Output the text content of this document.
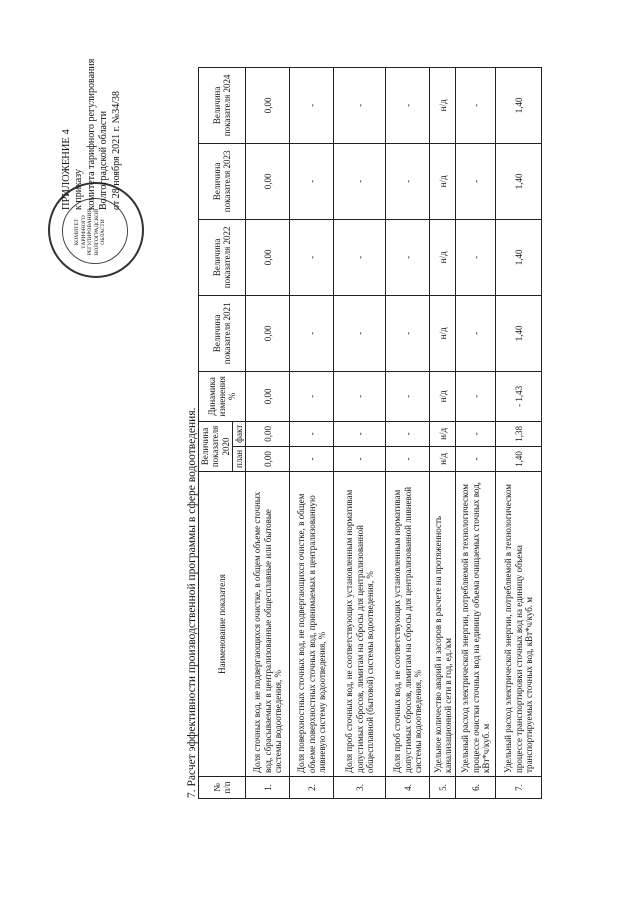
КОМИТЕТ ТАРИФНОГО РЕГУЛИРОВАНИЯ ВОЛГОГРАДСКОЙ ОБЛАСТИ
ПРИЛОЖЕНИЕ 4 к приказу комитета тарифного регулирования Волгоградской области от 28 ноября 2021 г. №34/38
7. Расчет эффективности производственной программы в сфере водоотведения. № п/п	Наименование показателя	Величина показателя 2020		Динамика изменения %	Величина показателя 2021	Величина показателя 2022	Величина показателя 2023	Величина показателя 2024
		план	факт					
1.	Доля сточных вод, не подвергающихся очистке, в общем объеме сточных вод, сбрасываемых в централизованные общесплавные или бытовые системы водоотведения, %	0,00	0,00	0,00	0,00	0,00	0,00	0,00
2.	Доля поверхностных сточных вод, не подвергающихся очистке, в общем объеме поверхностных сточных вод, принимаемых в централизованную ливневую систему водоотведения, %	-	-	-	-	-	-	-
3.	Доля проб сточных вод, не соответствующих установленным нормативам допустимых сбросов, лимитам на сбросы для централизованной общесплавной (бытовой) системы водоотведения, %	-	-	-	-	-	-	-
4.	Доля проб сточных вод, не соответствующих установленным нормативам допустимых сбросов, лимитам на сбросы для централизованной ливневой системы водоотведения, %	-	-	-	-	-	-	-
5.	Удельное количество аварий и засоров в расчете на протяженность канализационной сети в год, ед./км	н/д	н/д	н/д	н/д	н/д	н/д	н/д
6.	Удельный расход электрической энергии, потребляемой в технологическом процессе очистки сточных вод на единицу объема очищаемых сточных вод, кВт*ч/куб. м	-	-	-	-	-	-	-
7.	Удельный расход электрической энергии, потребляемой в технологическом процессе транспортировки сточных вод на единицу объема транспортируемых сточных вод, кВт*ч/куб. м	1,40	1,38	- 1,43	1,40	1,40	1,40	1,40
